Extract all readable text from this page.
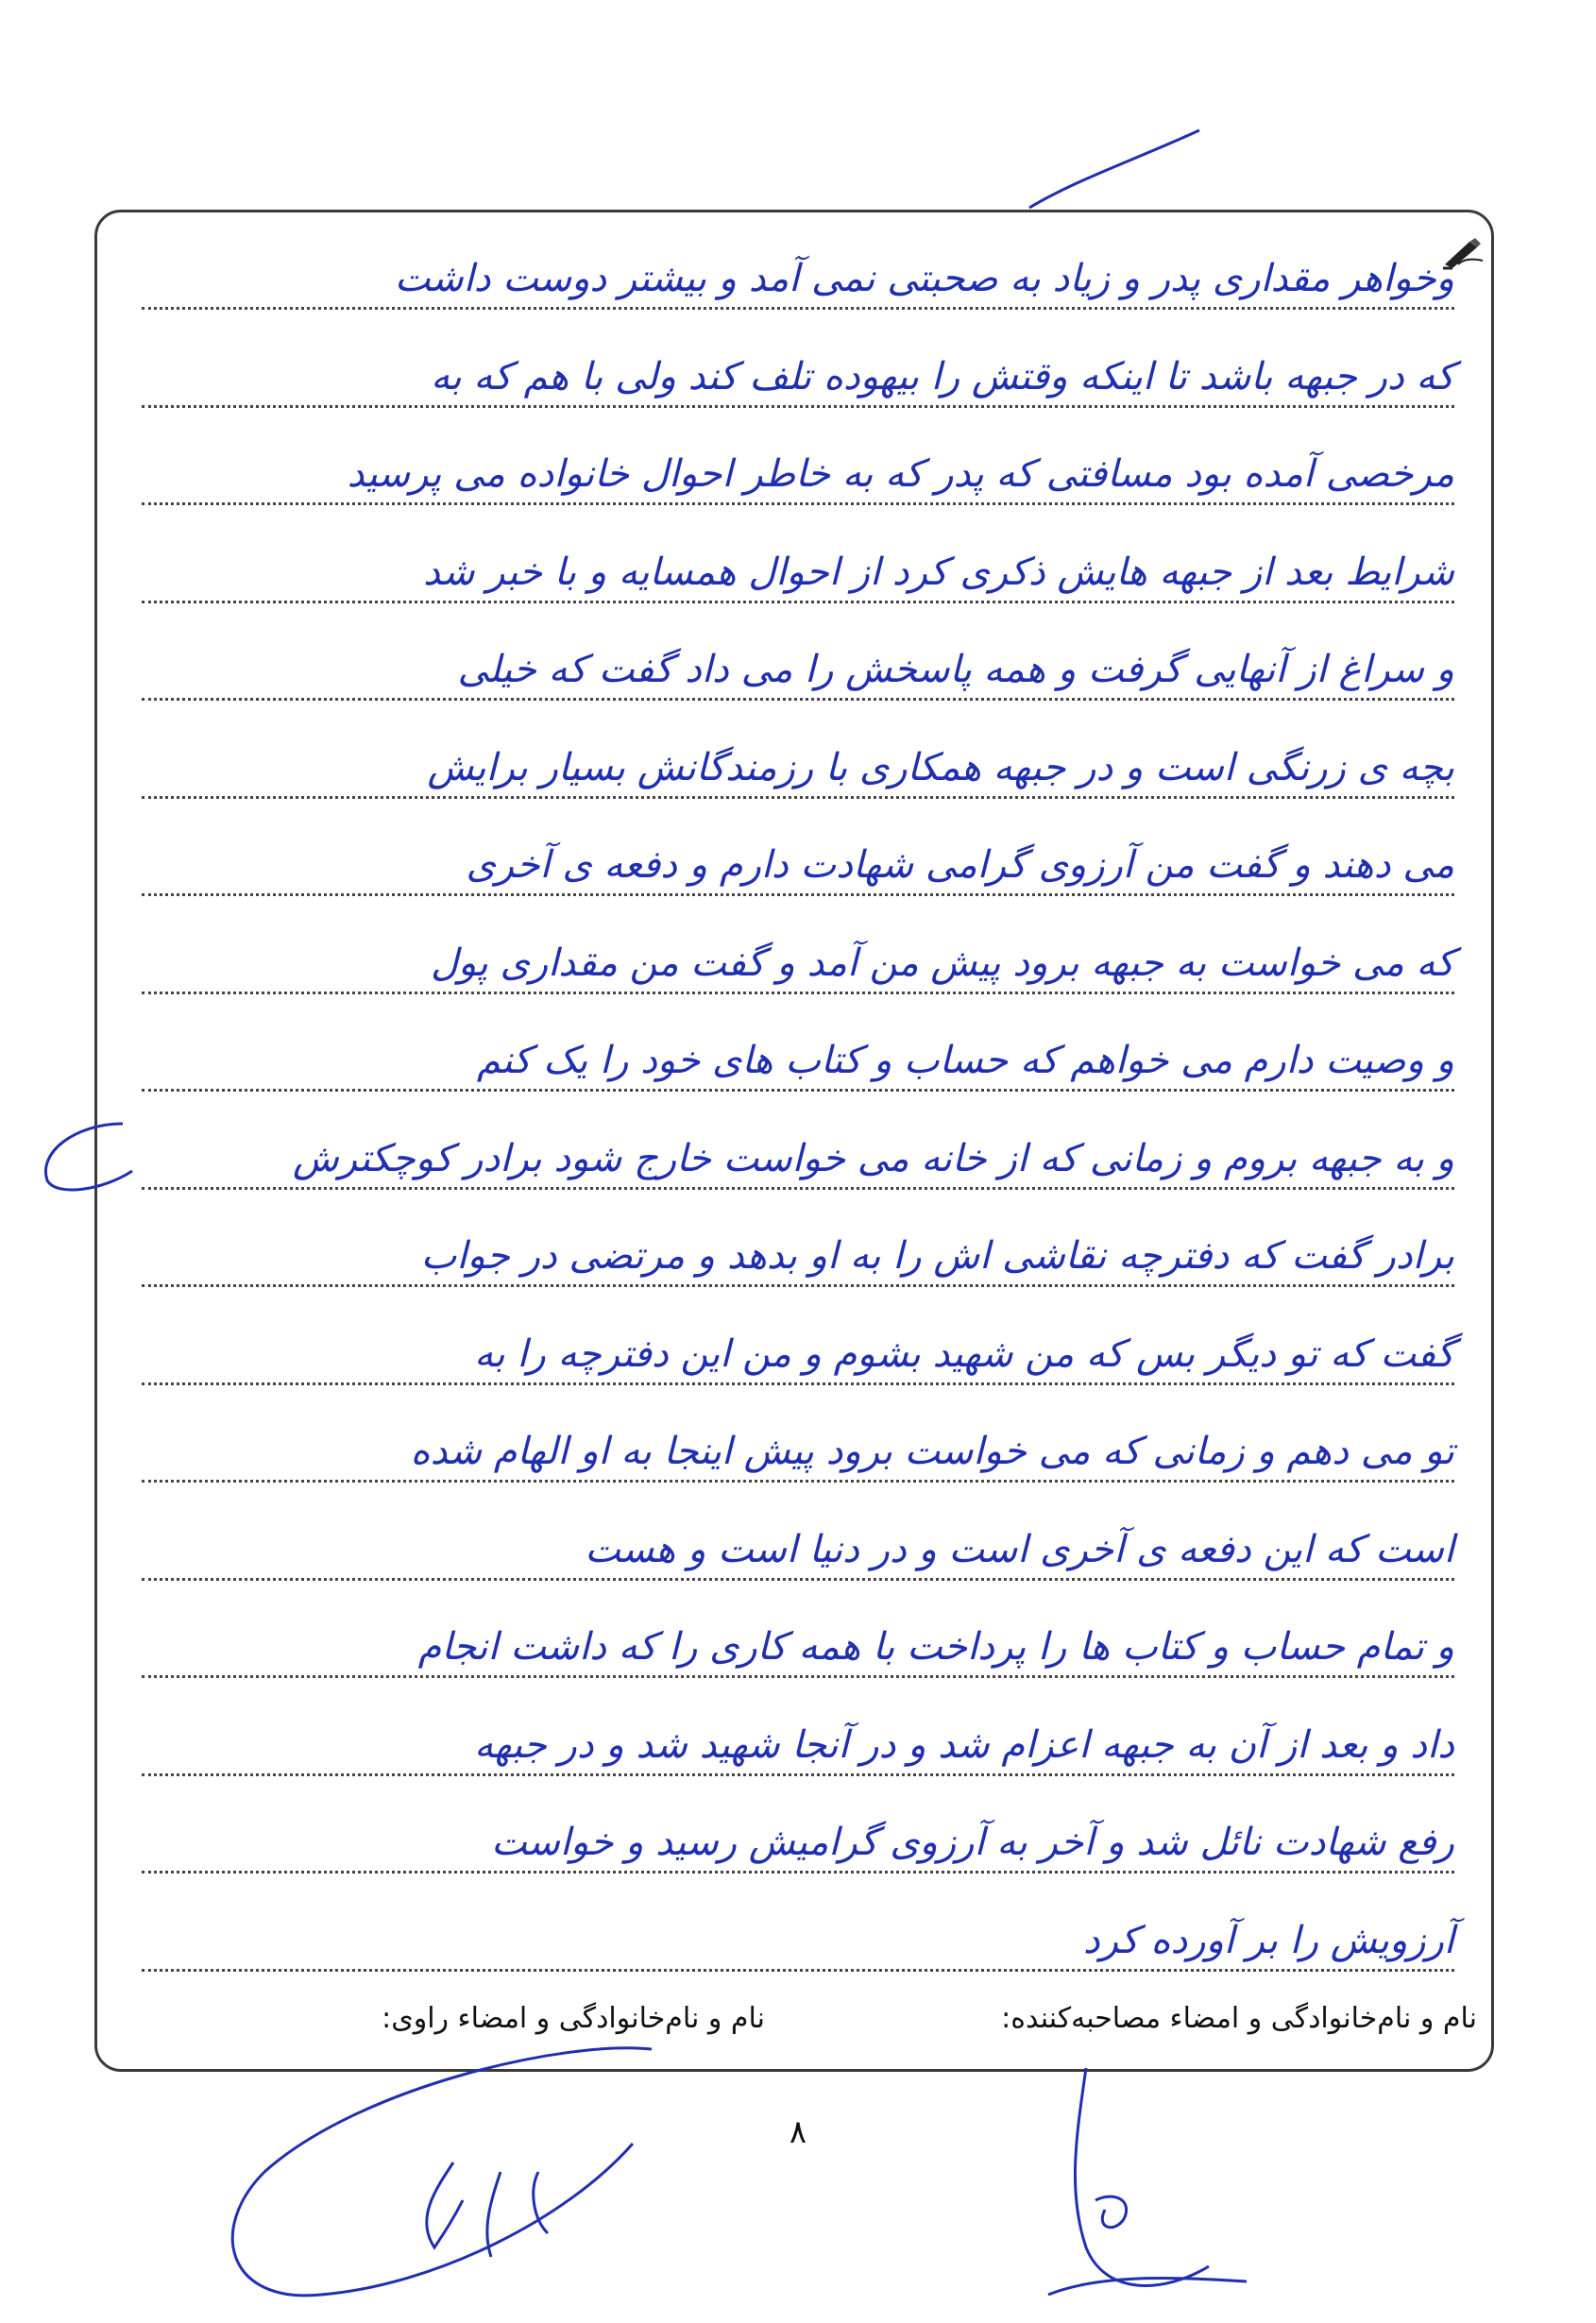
وخواهر مقداری پدر و زیاد به صحبتی نمی آمد و بیشتر دوست داشت
که در جبهه باشد تا اینکه وقتش را بیهوده تلف کند ولی با هم که به
مرخصی آمده بود مسافتی که پدر که به خاطر احوال خانواده می پرسید
شرایط بعد از جبهه هایش ذکری کرد از احوال همسایه و با خبر شد
و سراغ از آنهایی گرفت و همه پاسخش را می داد گفت که خیلی
بچه ی زرنگی است و در جبهه همکاری با رزمندگانش بسیار برایش
می دهند و گفت من آرزوی گرامی شهادت دارم و دفعه ی آخری
که می خواست به جبهه برود پیش من آمد و گفت من مقداری پول
و وصیت دارم می خواهم که حساب و کتاب های خود را یک کنم
و به جبهه بروم و زمانی که از خانه می خواست خارج شود برادر کوچکترش
برادر گفت که دفترچه نقاشی اش را به او بدهد و مرتضی در جواب
گفت که تو دیگر بس که من شهید بشوم و من این دفترچه را به
تو می دهم و زمانی که می خواست برود پیش اینجا به او الهام شده
است که این دفعه ی آخری است و در دنیا است و هست
و تمام حساب و کتاب ها را پرداخت با همه کاری را که داشت انجام
داد و بعد از آن به جبهه اعزام شد و در آنجا شهید شد و در جبهه
رفع شهادت نائل شد و آخر به آرزوی گرامیش رسید و خواست
آرزویش را بر آورده کرد
نام و نام‌خانوادگی و امضاء مصاحبه‌کننده:
نام و نام‌خانوادگی و امضاء راوی:
۸
